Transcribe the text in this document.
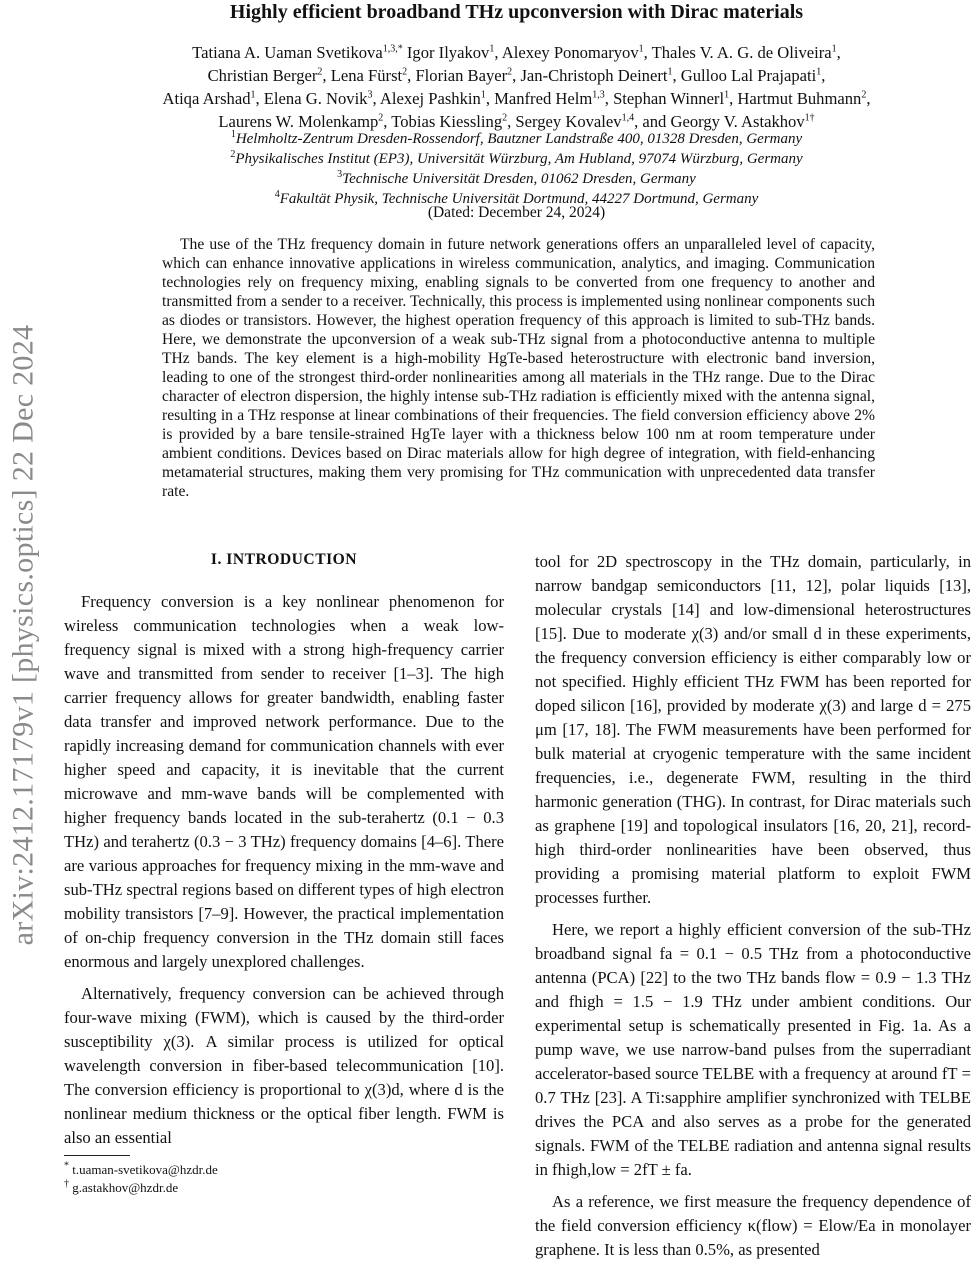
arXiv:2412.17179v1 [physics.optics] 22 Dec 2024
Highly efficient broadband THz upconversion with Dirac materials
Tatiana A. Uaman Svetikova$^{1,3,*}$ Igor Ilyakov$^1$, Alexey Ponomaryov$^1$, Thales V. A. G. de Oliveira$^1$,
Christian Berger$^2$, Lena Fürst$^2$, Florian Bayer$^2$, Jan-Christoph Deinert$^1$, Gulloo Lal Prajapati$^1$,
Atiqa Arshad$^1$, Elena G. Novik$^3$, Alexej Pashkin$^1$, Manfred Helm$^{1,3}$, Stephan Winnerl$^1$, Hartmut Buhmann$^2$,
Laurens W. Molenkamp$^2$, Tobias Kiessling$^2$, Sergey Kovalev$^{1,4}$, and Georgy V. Astakhov$^{1\dagger}$
$^1$Helmholtz-Zentrum Dresden-Rossendorf, Bautzner Landstraße 400, 01328 Dresden, Germany
$^2$Physikalisches Institut (EP3), Universität Würzburg, Am Hubland, 97074 Würzburg, Germany
$^3$Technische Universität Dresden, 01062 Dresden, Germany
$^4$Fakultät Physik, Technische Universität Dortmund, 44227 Dortmund, Germany
(Dated: December 24, 2024)

The use of the THz frequency domain in future network generations offers an unparalleled level of capacity, which can enhance innovative applications in wireless communication, analytics, and imaging. Communication technologies rely on frequency mixing, enabling signals to be converted from one frequency to another and transmitted from a sender to a receiver. Technically, this process is implemented using nonlinear components such as diodes or transistors. However, the highest operation frequency of this approach is limited to sub-THz bands. Here, we demonstrate the upconversion of a weak sub-THz signal from a photoconductive antenna to multiple THz bands. The key element is a high-mobility HgTe-based heterostructure with electronic band inversion, leading to one of the strongest third-order nonlinearities among all materials in the THz range. Due to the Dirac character of electron dispersion, the highly intense sub-THz radiation is efficiently mixed with the antenna signal, resulting in a THz response at linear combinations of their frequencies. The field conversion efficiency above 2% is provided by a bare tensile-strained HgTe layer with a thickness below 100 nm at room temperature under ambient conditions. Devices based on Dirac materials allow for high degree of integration, with field-enhancing metamaterial structures, making them very promising for THz communication with unprecedented data transfer rate.

I. INTRODUCTION

Frequency conversion is a key nonlinear phenomenon for wireless communication technologies when a weak low-frequency signal is mixed with a strong high-frequency carrier wave and transmitted from sender to receiver [1–3]. The high carrier frequency allows for greater bandwidth, enabling faster data transfer and improved network performance. Due to the rapidly increasing demand for communication channels with ever higher speed and capacity, it is inevitable that the current microwave and mm-wave bands will be complemented with higher frequency bands located in the sub-terahertz (0.1 − 0.3 THz) and terahertz (0.3 − 3 THz) frequency domains [4–6]. There are various approaches for frequency mixing in the mm-wave and sub-THz spectral regions based on different types of high electron mobility transistors [7–9]. However, the practical implementation of on-chip frequency conversion in the THz domain still faces enormous and largely unexplored challenges.

Alternatively, frequency conversion can be achieved through four-wave mixing (FWM), which is caused by the third-order susceptibility χ(3). A similar process is utilized for optical wavelength conversion in fiber-based telecommunication [10]. The conversion efficiency is proportional to χ(3)d, where d is the nonlinear medium thickness or the optical fiber length. FWM is also an essential

tool for 2D spectroscopy in the THz domain, particularly, in narrow bandgap semiconductors [11, 12], polar liquids [13], molecular crystals [14] and low-dimensional heterostructures [15]. Due to moderate χ(3) and/or small d in these experiments, the frequency conversion efficiency is either comparably low or not specified. Highly efficient THz FWM has been reported for doped silicon [16], provided by moderate χ(3) and large d = 275 μm [17, 18]. The FWM measurements have been performed for bulk material at cryogenic temperature with the same incident frequencies, i.e., degenerate FWM, resulting in the third harmonic generation (THG). In contrast, for Dirac materials such as graphene [19] and topological insulators [16, 20, 21], record-high third-order nonlinearities have been observed, thus providing a promising material platform to exploit FWM processes further.

Here, we report a highly efficient conversion of the sub-THz broadband signal fa = 0.1 − 0.5 THz from a photoconductive antenna (PCA) [22] to the two THz bands flow = 0.9 − 1.3 THz and fhigh = 1.5 − 1.9 THz under ambient conditions. Our experimental setup is schematically presented in Fig. 1a. As a pump wave, we use narrow-band pulses from the superradiant accelerator-based source TELBE with a frequency at around fT = 0.7 THz [23]. A Ti:sapphire amplifier synchronized with TELBE drives the PCA and also serves as a probe for the generated signals. FWM of the TELBE radiation and antenna signal results in fhigh,low = 2fT ± fa.

As a reference, we first measure the frequency dependence of the field conversion efficiency κ(flow) = Elow/Ea in monolayer graphene. It is less than 0.5%, as presented

* t.uaman-svetikova@hzdr.de
† g.astakhov@hzdr.de
